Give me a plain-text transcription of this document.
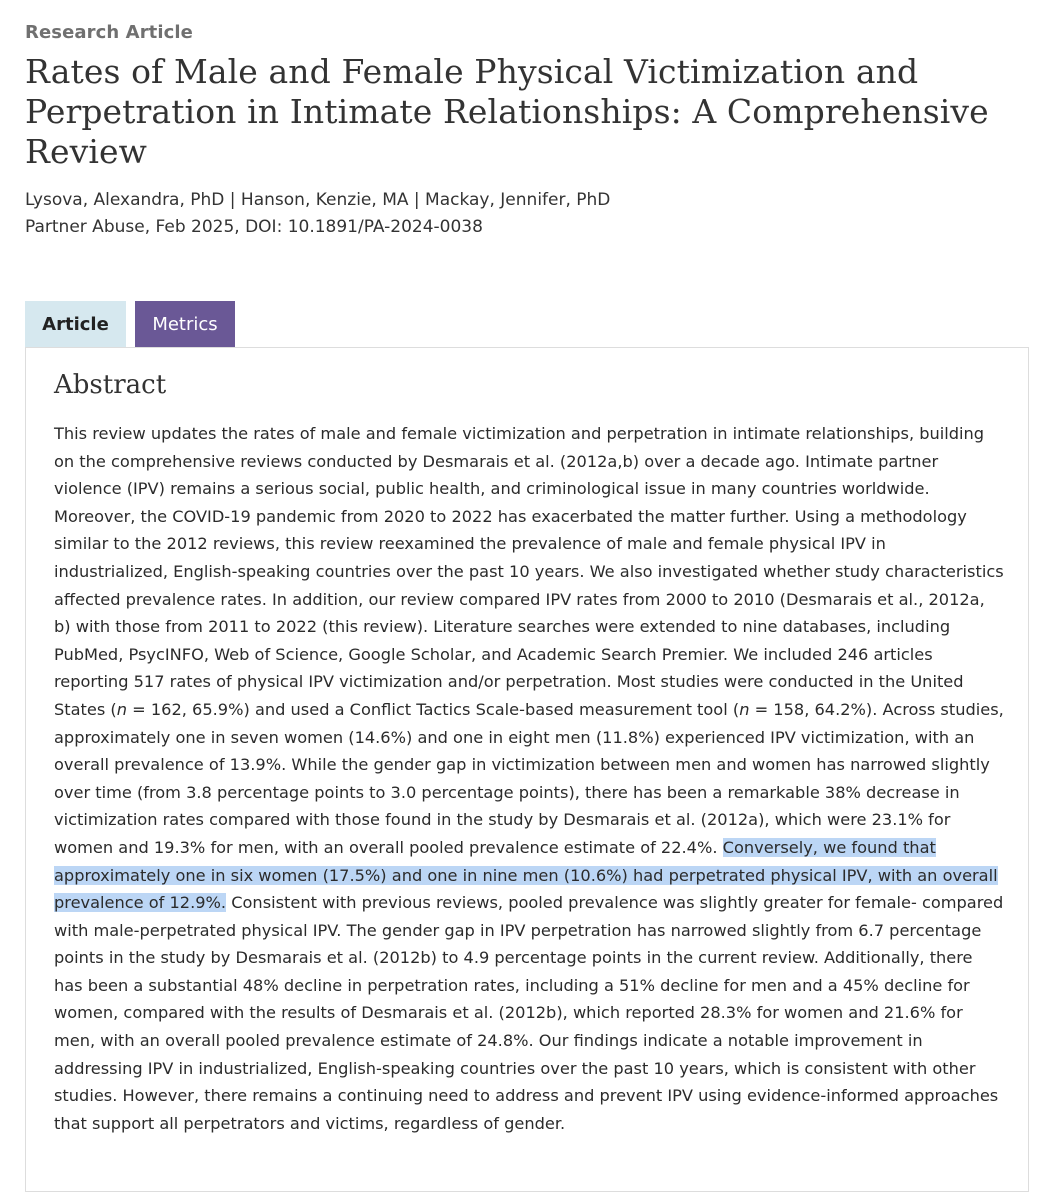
Research Article
Rates of Male and Female Physical Victimization and Perpetration in Intimate Relationships: A Comprehensive Review
Lysova, Alexandra, PhD | Hanson, Kenzie, MA | Mackay, Jennifer, PhD
Partner Abuse, Feb 2025, DOI: 10.1891/PA-2024-0038
Article	Metrics
Abstract

This review updates the rates of male and female victimization and perpetration in intimate relationships, building on the comprehensive reviews conducted by Desmarais et al. (2012a,b) over a decade ago. Intimate partner violence (IPV) remains a serious social, public health, and criminological issue in many countries worldwide. Moreover, the COVID-19 pandemic from 2020 to 2022 has exacerbated the matter further. Using a methodology similar to the 2012 reviews, this review reexamined the prevalence of male and female physical IPV in industrialized, English-speaking countries over the past 10 years. We also investigated whether study characteristics affected prevalence rates. In addition, our review compared IPV rates from 2000 to 2010 (Desmarais et al., 2012a, b) with those from 2011 to 2022 (this review). Literature searches were extended to nine databases, including PubMed, PsycINFO, Web of Science, Google Scholar, and Academic Search Premier. We included 246 articles reporting 517 rates of physical IPV victimization and/or perpetration. Most studies were conducted in the United States (n = 162, 65.9%) and used a Conflict Tactics Scale-based measurement tool (n = 158, 64.2%). Across studies, approximately one in seven women (14.6%) and one in eight men (11.8%) experienced IPV victimization, with an overall prevalence of 13.9%. While the gender gap in victimization between men and women has narrowed slightly over time (from 3.8 percentage points to 3.0 percentage points), there has been a remarkable 38% decrease in victimization rates compared with those found in the study by Desmarais et al. (2012a), which were 23.1% for women and 19.3% for men, with an overall pooled prevalence estimate of 22.4%. Conversely, we found that approximately one in six women (17.5%) and one in nine men (10.6%) had perpetrated physical IPV, with an overall prevalence of 12.9%. Consistent with previous reviews, pooled prevalence was slightly greater for female- compared with male-perpetrated physical IPV. The gender gap in IPV perpetration has narrowed slightly from 6.7 percentage points in the study by Desmarais et al. (2012b) to 4.9 percentage points in the current review. Additionally, there has been a substantial 48% decline in perpetration rates, including a 51% decline for men and a 45% decline for women, compared with the results of Desmarais et al. (2012b), which reported 28.3% for women and 21.6% for men, with an overall pooled prevalence estimate of 24.8%. Our findings indicate a notable improvement in addressing IPV in industrialized, English-speaking countries over the past 10 years, which is consistent with other studies. However, there remains a continuing need to address and prevent IPV using evidence-informed approaches that support all perpetrators and victims, regardless of gender.
